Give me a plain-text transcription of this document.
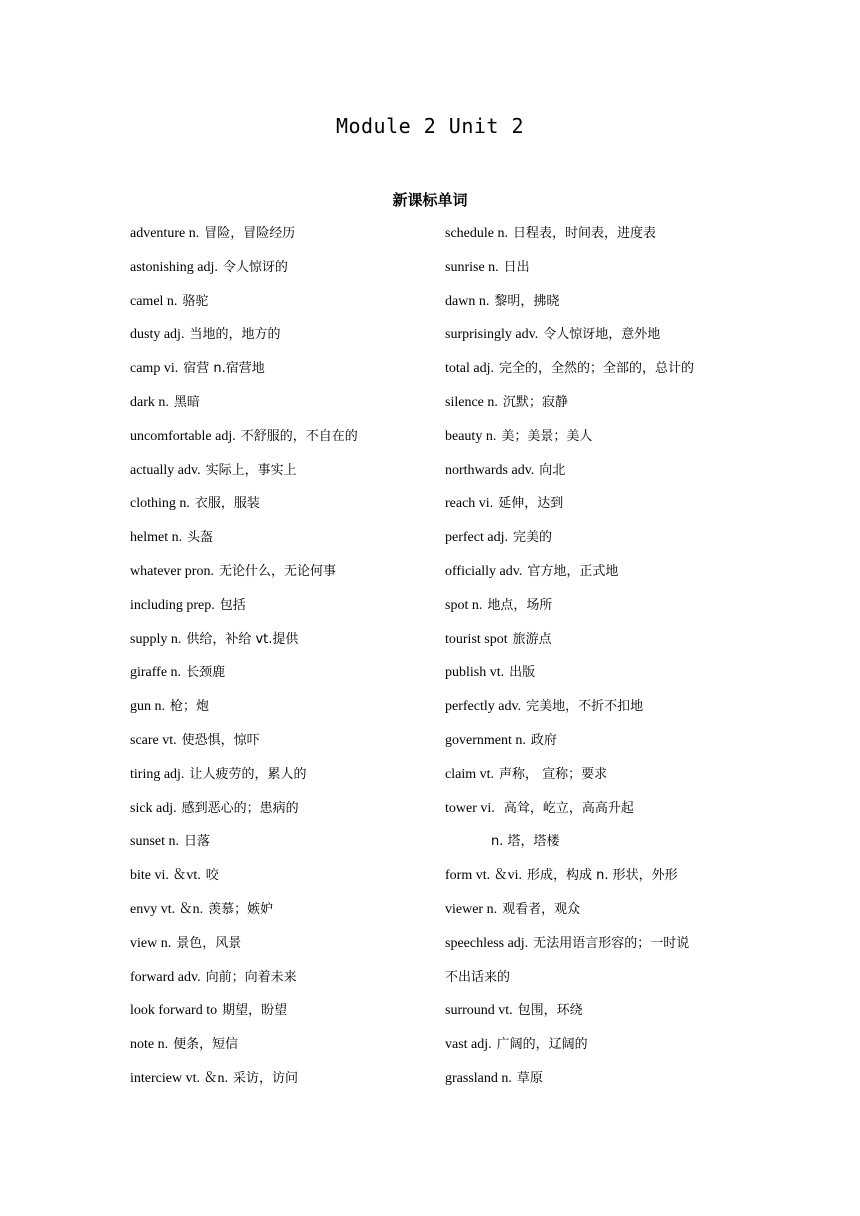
Module 2 Unit 2
新课标单词
adventure n. 冒险，冒险经历
astonishing adj. 令人惊讶的
camel n. 骆驼
dusty adj. 当地的，地方的
camp vi. 宿营 n.宿营地
dark n. 黑暗
uncomfortable adj. 不舒服的，不自在的
actually adv. 实际上，事实上
clothing n. 衣服，服装
helmet n. 头盔
whatever pron. 无论什么，无论何事
including prep. 包括
supply n. 供给，补给 vt.提供
giraffe n. 长颈鹿
gun n. 枪；炮
scare vt. 使恐惧，惊吓
tiring adj. 让人疲劳的，累人的
sick adj. 感到恶心的；患病的
sunset n. 日落
bite vi. ＆vt. 咬
envy vt. ＆n. 羡慕；嫉妒
view n. 景色，风景
forward adv. 向前；向着未来
look forward to 期望，盼望
note n. 便条，短信
interciew vt. ＆n. 采访，访问
schedule n. 日程表，时间表，进度表
sunrise n. 日出
dawn n. 黎明，拂晓
surprisingly adv. 令人惊讶地，意外地
total adj. 完全的，全然的；全部的，总计的
silence n. 沉默；寂静
beauty n. 美；美景；美人
northwards adv. 向北
reach vi. 延伸，达到
perfect adj. 完美的
officially adv. 官方地，正式地
spot n. 地点，场所
tourist spot 旅游点
publish vt. 出版
perfectly adv. 完美地，不折不扣地
government n. 政府
claim vt. 声称， 宣称；要求
tower vi. 高耸，屹立，高高升起
n. 塔，塔楼
form vt. ＆vi. 形成，构成 n. 形状，外形
viewer n. 观看者，观众
speechless adj. 无法用语言形容的；一时说
不出话来的
surround vt. 包围，环绕
vast adj. 广阔的，辽阔的
grassland n. 草原
